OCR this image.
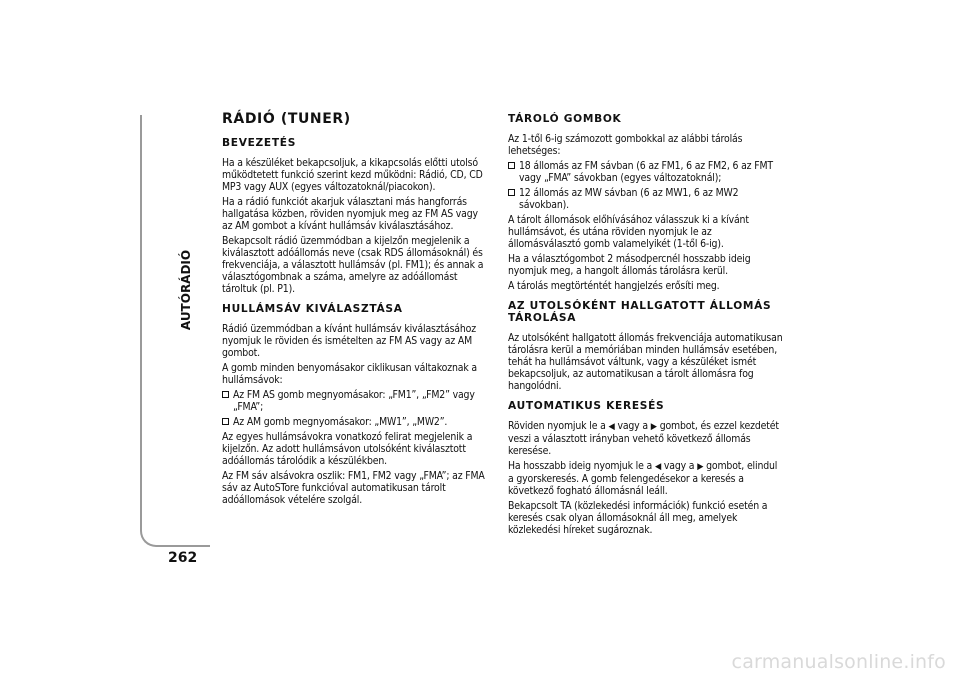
AUTÓRÁDIÓ
262
RÁDIÓ (TUNER)
BEVEZETÉS

Ha a készüléket bekapcsoljuk, a kikapcsolás előtti utolsó működtetett funkció szerint kezd működni: Rádió, CD, CD MP3 vagy AUX (egyes változatoknál/piacokon).

Ha a rádió funkciót akarjuk választani más hangforrás hallgatása közben, röviden nyomjuk meg az FM AS vagy az AM gombot a kívánt hullámsáv kiválasztásához.

Bekapcsolt rádió üzemmódban a kijelzőn megjelenik a kiválasztott adóállomás neve (csak RDS állomásoknál) és frekvenciája, a választott hullámsáv (pl. FM1); és annak a választógombnak a száma, amelyre az adóállomást tároltuk (pl. P1).

HULLÁMSÁV KIVÁLASZTÁSA

Rádió üzemmódban a kívánt hullámsáv kiválasztásához nyomjuk le röviden és ismételten az FM AS vagy az AM gombot.

A gomb minden benyomásakor ciklikusan váltakoznak a hullámsávok:

Az FM AS gomb megnyomásakor: „FM1”, „FM2” vagy „FMA”;
Az AM gomb megnyomásakor: „MW1”, „MW2”.

Az egyes hullámsávokra vonatkozó felirat megjelenik a kijelzőn. Az adott hullámsávon utolsóként kiválasztott adóállomás tárolódik a készülékben.

Az FM sáv alsávokra oszlik: FM1, FM2 vagy „FMA”; az FMA sáv az AutoSTore funkcióval automatikusan tárolt adóállomások vételére szolgál.

TÁROLÓ GOMBOK

Az 1-től 6-ig számozott gombokkal az alábbi tárolás lehetséges:

18 állomás az FM sávban (6 az FM1, 6 az FM2, 6 az FMT vagy „FMA” sávokban (egyes változatoknál);
12 állomás az MW sávban (6 az MW1, 6 az MW2 sávokban).

A tárolt állomások előhívásához válasszuk ki a kívánt hullámsávot, és utána röviden nyomjuk le az állomásválasztó gomb valamelyikét (1-től 6-ig).

Ha a választógombot 2 másodpercnél hosszabb ideig nyomjuk meg, a hangolt állomás tárolásra kerül.

A tárolás megtörténtét hangjelzés erősíti meg.

AZ UTOLSÓKÉNT HALLGATOTT ÁLLOMÁS TÁROLÁSA

Az utolsóként hallgatott állomás frekvenciája automatikusan tárolásra kerül a memóriában minden hullámsáv esetében, tehát ha hullámsávot váltunk, vagy a készüléket ismét bekapcsoljuk, az automatikusan a tárolt állomásra fog hangolódni.

AUTOMATIKUS KERESÉS

Röviden nyomjuk le a ◀ vagy a ▶ gombot, és ezzel kezdetét veszi a választott irányban vehető következő állomás keresése.

Ha hosszabb ideig nyomjuk le a ◀ vagy a ▶ gombot, elindul a gyorskeresés. A gomb felengedésekor a keresés a következő fogható állomásnál leáll.

Bekapcsolt TA (közlekedési információk) funkció esetén a keresés csak olyan állomásoknál áll meg, amelyek közlekedési híreket sugároznak.

carmanualsonline.info
